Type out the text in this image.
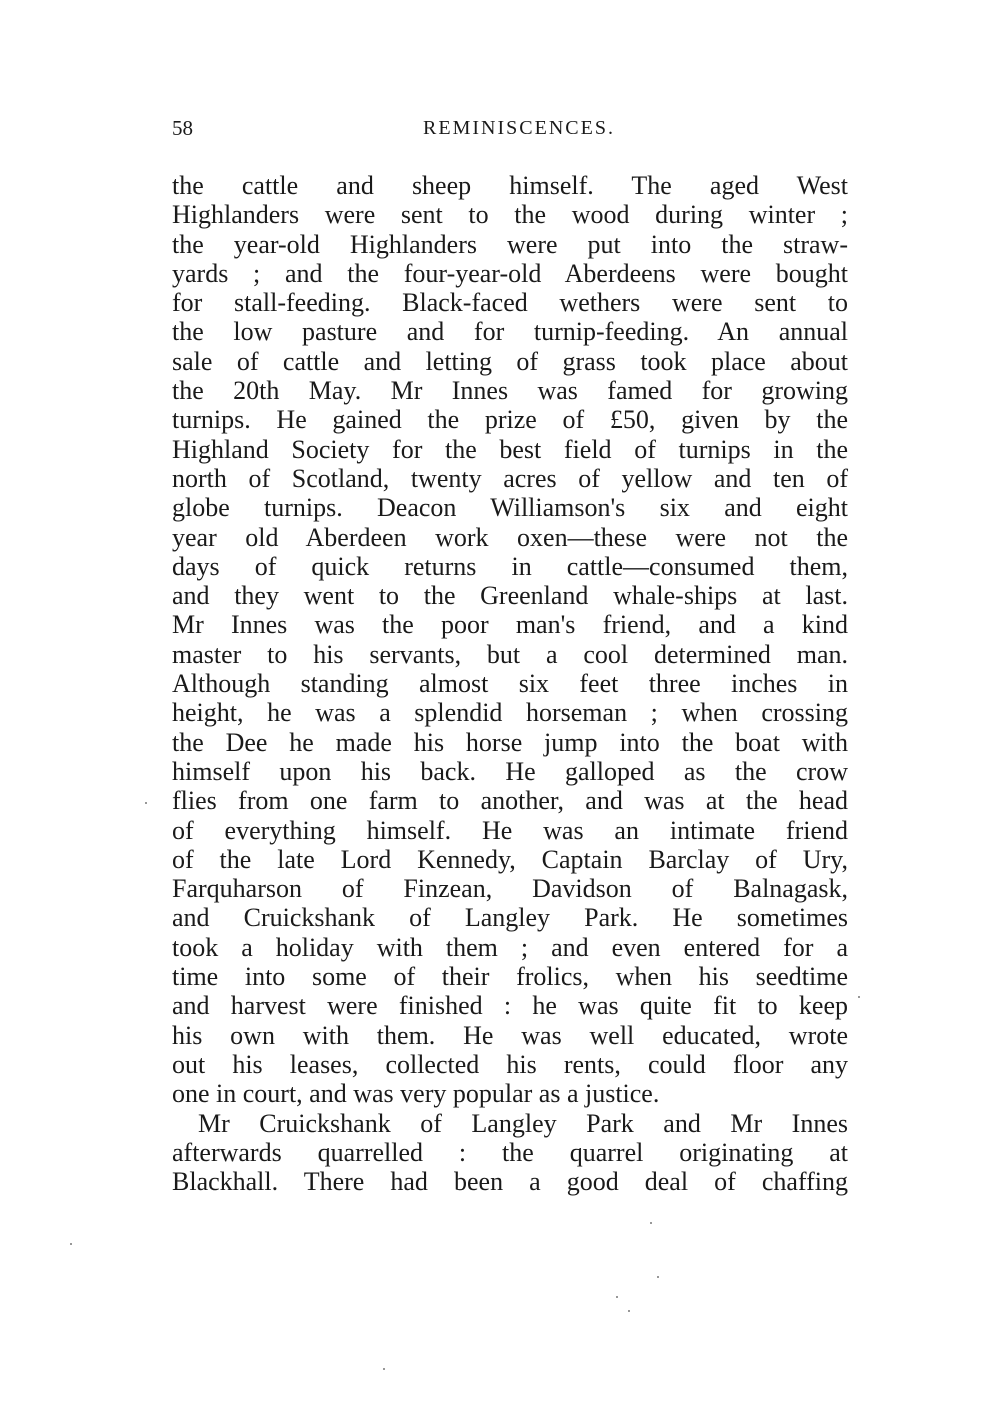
58	REMINISCENCES.
the cattle and sheep himself. The aged West
Highlanders were sent to the wood during winter ;
the year-old Highlanders were put into the straw-
yards ; and the four-year-old Aberdeens were bought
for stall-feeding. Black-faced wethers were sent to
the low pasture and for turnip-feeding. An annual
sale of cattle and letting of grass took place about
the 20th May. Mr Innes was famed for growing
turnips. He gained the prize of £50, given by the
Highland Society for the best field of turnips in the
north of Scotland, twenty acres of yellow and ten of
globe turnips. Deacon Williamson's six and eight
year old Aberdeen work oxen—these were not the
days of quick returns in cattle—consumed them,
and they went to the Greenland whale-ships at last.
Mr Innes was the poor man's friend, and a kind
master to his servants, but a cool determined man.
Although standing almost six feet three inches in
height, he was a splendid horseman ; when crossing
the Dee he made his horse jump into the boat with
himself upon his back. He galloped as the crow
flies from one farm to another, and was at the head
of everything himself. He was an intimate friend
of the late Lord Kennedy, Captain Barclay of Ury,
Farquharson of Finzean, Davidson of Balnagask,
and Cruickshank of Langley Park. He sometimes
took a holiday with them ; and even entered for a
time into some of their frolics, when his seedtime
and harvest were finished : he was quite fit to keep
his own with them. He was well educated, wrote
out his leases, collected his rents, could floor any
one in court, and was very popular as a justice.
Mr Cruickshank of Langley Park and Mr Innes
afterwards quarrelled : the quarrel originating at
Blackhall. There had been a good deal of chaffing
